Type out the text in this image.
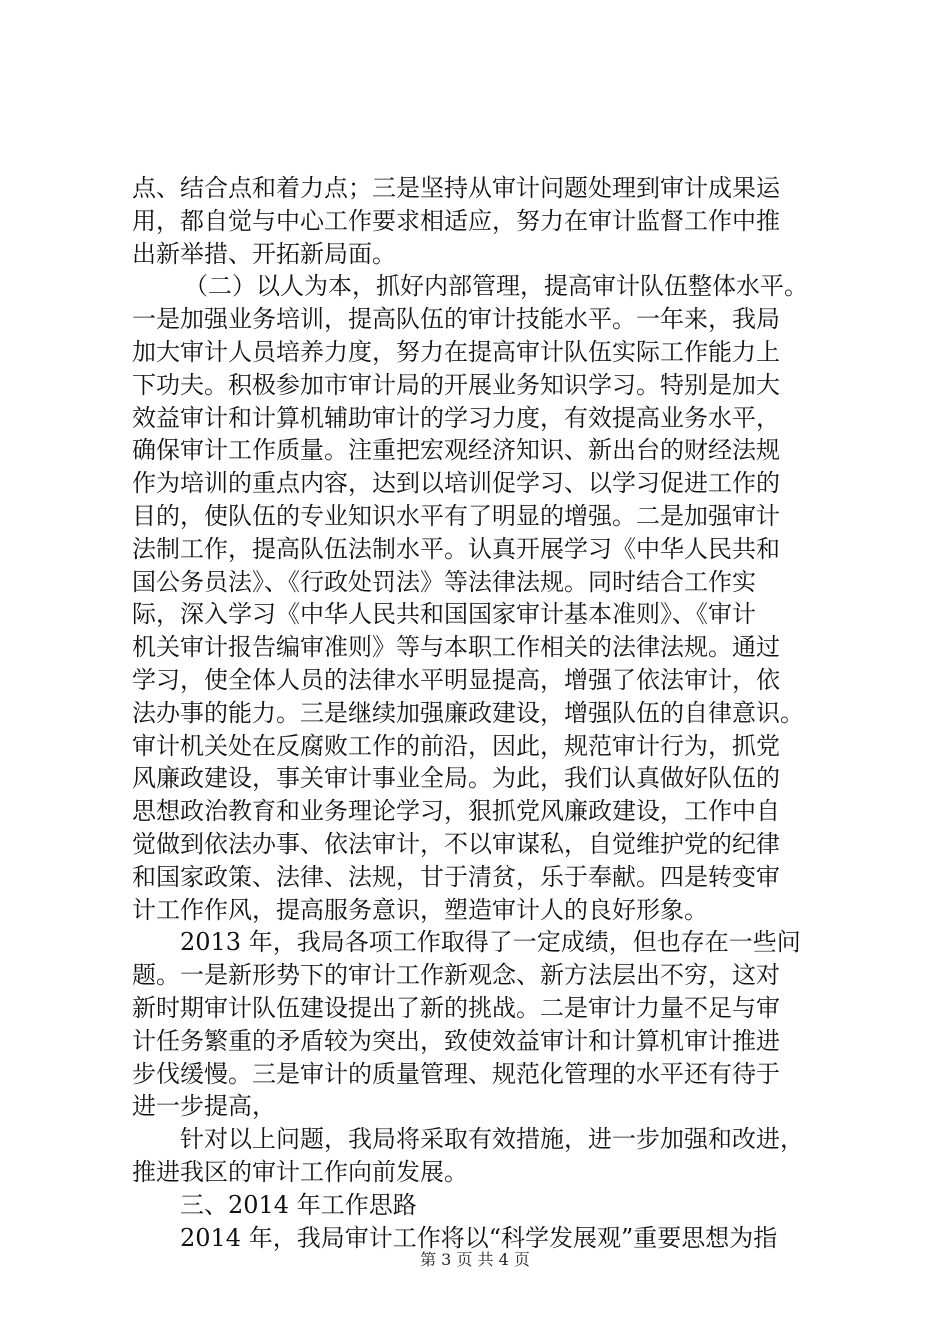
点、结合点和着力点；三是坚持从审计问题处理到审计成果运
用，都自觉与中心工作要求相适应，努力在审计监督工作中推
出新举措、开拓新局面。
（二）以人为本，抓好内部管理，提高审计队伍整体水平。
一是加强业务培训，提高队伍的审计技能水平。一年来，我局
加大审计人员培养力度，努力在提高审计队伍实际工作能力上
下功夫。积极参加市审计局的开展业务知识学习。特别是加大
效益审计和计算机辅助审计的学习力度，有效提高业务水平，
确保审计工作质量。注重把宏观经济知识、新出台的财经法规
作为培训的重点内容，达到以培训促学习、以学习促进工作的
目的，使队伍的专业知识水平有了明显的增强。二是加强审计
法制工作，提高队伍法制水平。认真开展学习《中华人民共和
国公务员法》、《行政处罚法》等法律法规。同时结合工作实
际，深入学习《中华人民共和国国家审计基本准则》、《审计
机关审计报告编审准则》等与本职工作相关的法律法规。通过
学习，使全体人员的法律水平明显提高，增强了依法审计，依
法办事的能力。三是继续加强廉政建设，增强队伍的自律意识。
审计机关处在反腐败工作的前沿，因此，规范审计行为，抓党
风廉政建设，事关审计事业全局。为此，我们认真做好队伍的
思想政治教育和业务理论学习，狠抓党风廉政建设，工作中自
觉做到依法办事、依法审计，不以审谋私，自觉维护党的纪律
和国家政策、法律、法规，甘于清贫，乐于奉献。四是转变审
计工作作风，提高服务意识，塑造审计人的良好形象。
2013 年，我局各项工作取得了一定成绩，但也存在一些问
题。一是新形势下的审计工作新观念、新方法层出不穷，这对
新时期审计队伍建设提出了新的挑战。二是审计力量不足与审
计任务繁重的矛盾较为突出，致使效益审计和计算机审计推进
步伐缓慢。三是审计的质量管理、规范化管理的水平还有待于
进一步提高，
针对以上问题，我局将采取有效措施，进一步加强和改进，
推进我区的审计工作向前发展。
三、2014 年工作思路
2014 年，我局审计工作将以“科学发展观”重要思想为指
第 3 页 共 4 页
